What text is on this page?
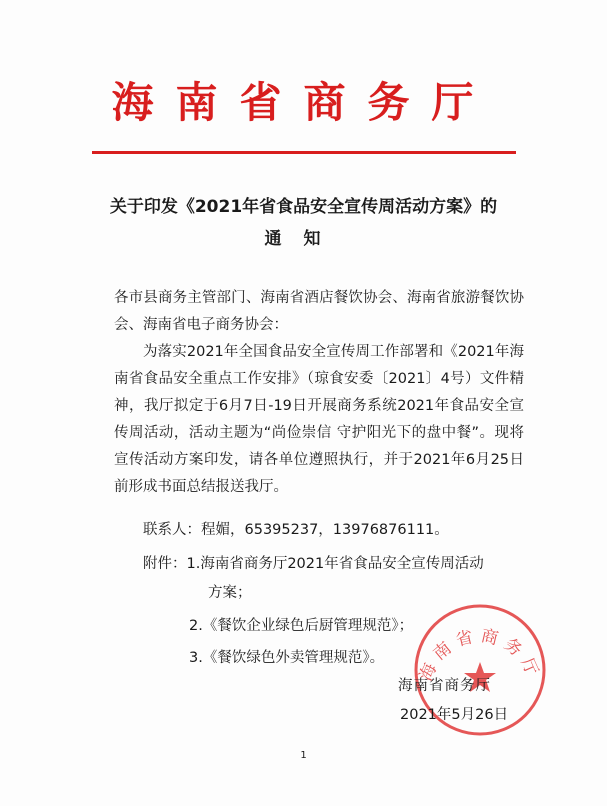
海南省商务厅
关于印发《2021年省食品安全宣传周活动方案》的
通知
各市县商务主管部门、海南省酒店餐饮协会、海南省旅游餐饮协会、海南省电子商务协会：
为落实2021年全国食品安全宣传周工作部署和《2021年海南省食品安全重点工作安排》（琼食安委〔2021〕4号）文件精神，我厅拟定于6月7日-19日开展商务系统2021年食品安全宣传周活动，活动主题为“尚俭崇信 守护阳光下的盘中餐”。现将宣传活动方案印发，请各单位遵照执行，并于2021年6月25日前形成书面总结报送我厅。
联系人：程媚，65395237，13976876111。
附件：1.海南省商务厅2021年省食品安全宣传周活动
方案；
2.《餐饮企业绿色后厨管理规范》；
3.《餐饮绿色外卖管理规范》。	海南省商务厅
海南省商务厅
2021年5月26日
1
